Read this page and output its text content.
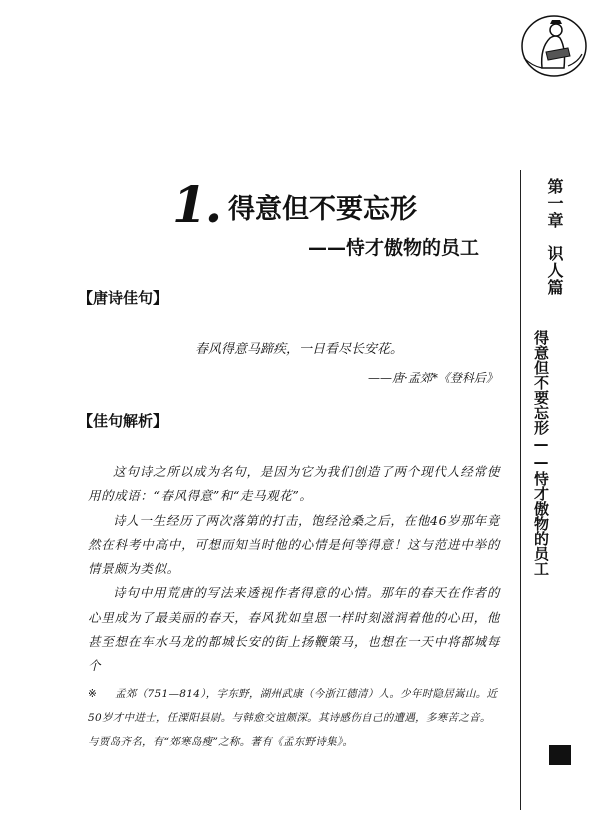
1. 得意但不要忘形
——恃才傲物的员工
【唐诗佳句】
春风得意马蹄疾，一日看尽长安花。
——唐·孟郊*《登科后》
【佳句解析】

这句诗之所以成为名句，是因为它为我们创造了两个现代人经常使用的成语：“春风得意”和“走马观花”。

诗人一生经历了两次落第的打击，饱经沧桑之后，在他46岁那年竟然在科考中高中，可想而知当时他的心情是何等得意！这与范进中举的情景颇为类似。

诗句中用荒唐的写法来透视作者得意的心情。那年的春天在作者的心里成为了最美丽的春天，春风犹如皇恩一样时刻滋润着他的心田，他甚至想在车水马龙的都城长安的街上扬鞭策马，也想在一天中将都城每个

※ 孟郊（751—814），字东野，湖州武康（今浙江德清）人。少年时隐居嵩山。近50岁才中进士，任溧阳县尉。与韩愈交谊颇深。其诗感伤自己的遭遇，多寒苦之音。与贾岛齐名，有“郊寒岛瘦”之称。著有《孟东野诗集》。
第一章识人篇
得意但不要忘形——恃才傲物的员工
